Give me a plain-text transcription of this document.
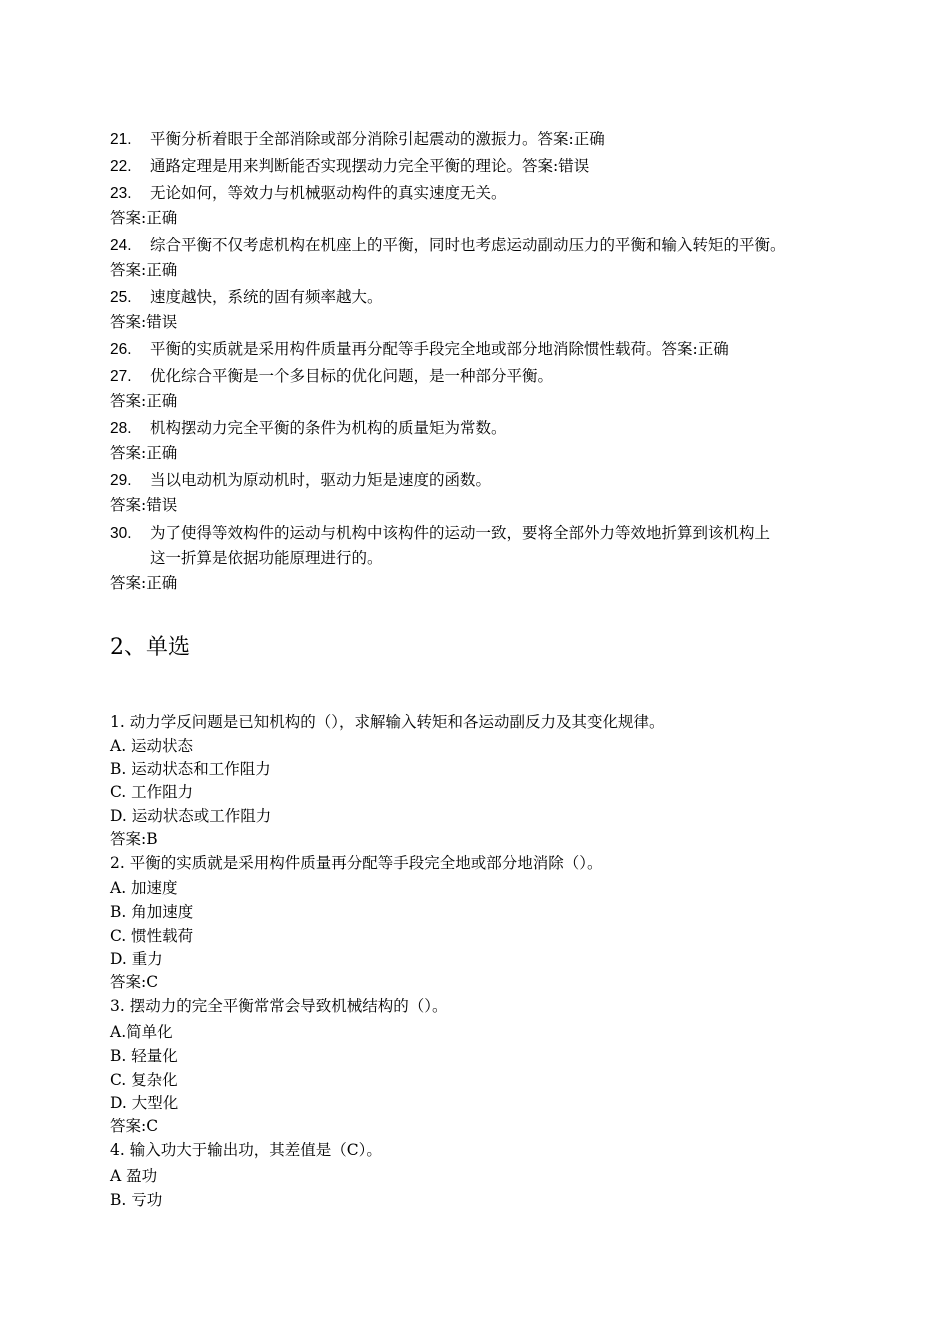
21. 平衡分析着眼于全部消除或部分消除引起震动的激振力。答案:正确
22. 通路定理是用来判断能否实现摆动力完全平衡的理论。答案:错误
23. 无论如何，等效力与机械驱动构件的真实速度无关。
答案:正确
24. 综合平衡不仅考虑机构在机座上的平衡，同时也考虑运动副动压力的平衡和输入转矩的平衡。
答案:正确
25. 速度越快，系统的固有频率越大。
答案:错误
26. 平衡的实质就是采用构件质量再分配等手段完全地或部分地消除惯性载荷。答案:正确
27. 优化综合平衡是一个多目标的优化问题，是一种部分平衡。
答案:正确
28. 机构摆动力完全平衡的条件为机构的质量矩为常数。
答案:正确
29. 当以电动机为原动机时，驱动力矩是速度的函数。
答案:错误
30. 为了使得等效构件的运动与机构中该构件的运动一致，要将全部外力等效地折算到该机构上
这一折算是依据功能原理进行的。
答案:正确
2、单选
1. 动力学反问题是已知机构的（），求解输入转矩和各运动副反力及其变化规律。
A. 运动状态
B. 运动状态和工作阻力
C. 工作阻力
D. 运动状态或工作阻力
答案:B
2. 平衡的实质就是采用构件质量再分配等手段完全地或部分地消除（）。
A. 加速度
B. 角加速度
C. 惯性载荷
D. 重力
答案:C
3. 摆动力的完全平衡常常会导致机械结构的（）。
A.简单化
B. 轻量化
C. 复杂化
D. 大型化
答案:C
4. 输入功大于输出功，其差值是（C）。
A 盈功
B. 亏功
